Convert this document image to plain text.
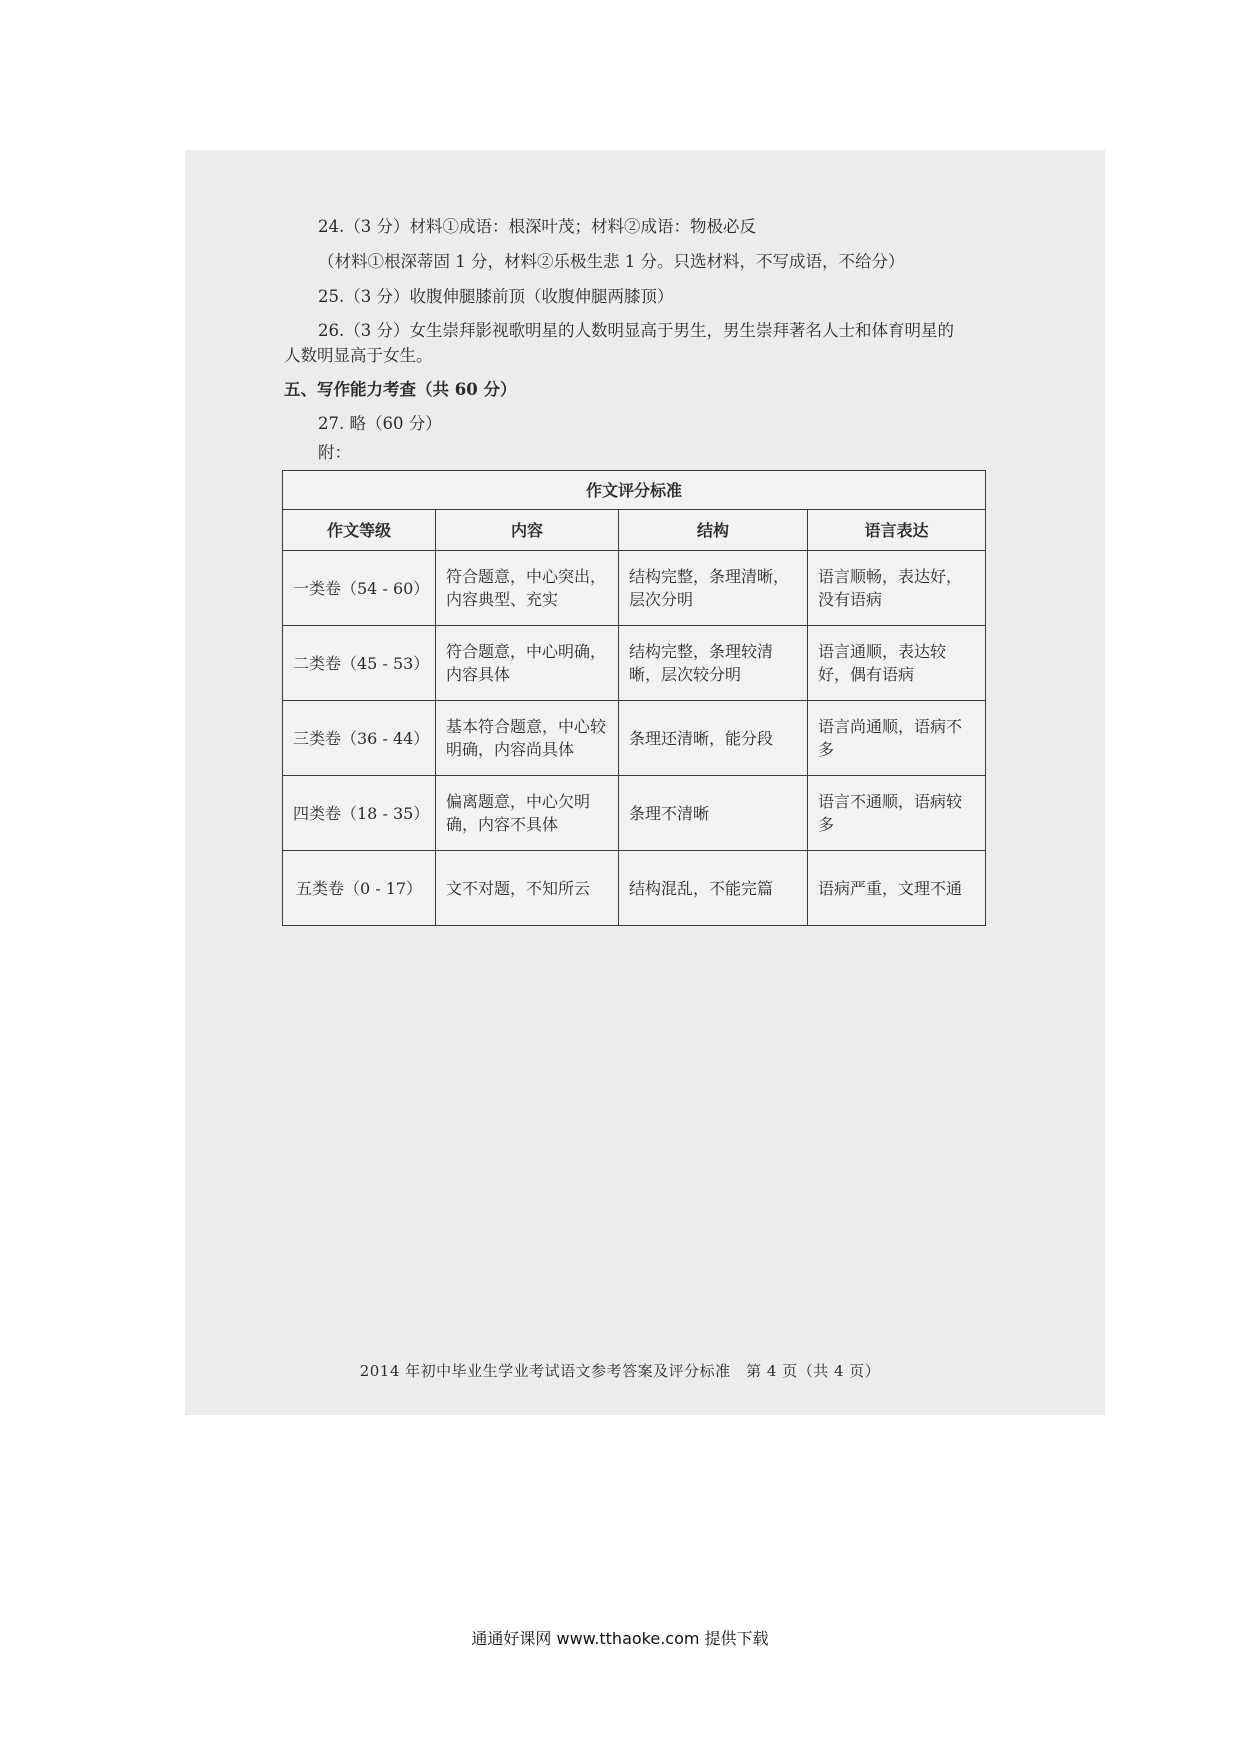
24.（3 分）材料①成语：根深叶茂；材料②成语：物极必反
（材料①根深蒂固 1 分，材料②乐极生悲 1 分。只选材料，不写成语，不给分）
25.（3 分）收腹伸腿膝前顶（收腹伸腿两膝顶）
26.（3 分）女生崇拜影视歌明星的人数明显高于男生，男生崇拜著名人士和体育明星的
人数明显高于女生。
五、写作能力考查（共 60 分）
27. 略（60 分）
附：
作文评分标准			
作文等级	内容	结构	语言表达
一类卷（54 - 60）	符合题意，中心突出，内容典型、充实	结构完整，条理清晰，层次分明	语言顺畅，表达好，没有语病
二类卷（45 - 53）	符合题意，中心明确，内容具体	结构完整，条理较清晰，层次较分明	语言通顺，表达较好，偶有语病
三类卷（36 - 44）	基本符合题意，中心较明确，内容尚具体	条理还清晰，能分段	语言尚通顺，语病不多
四类卷（18 - 35）	偏离题意，中心欠明确，内容不具体	条理不清晰	语言不通顺，语病较多
五类卷（0 - 17）	文不对题，不知所云	结构混乱，不能完篇	语病严重，文理不通
2014 年初中毕业生学业考试语文参考答案及评分标准　第 4 页（共 4 页）
通通好课网 www.tthaoke.com 提供下载
